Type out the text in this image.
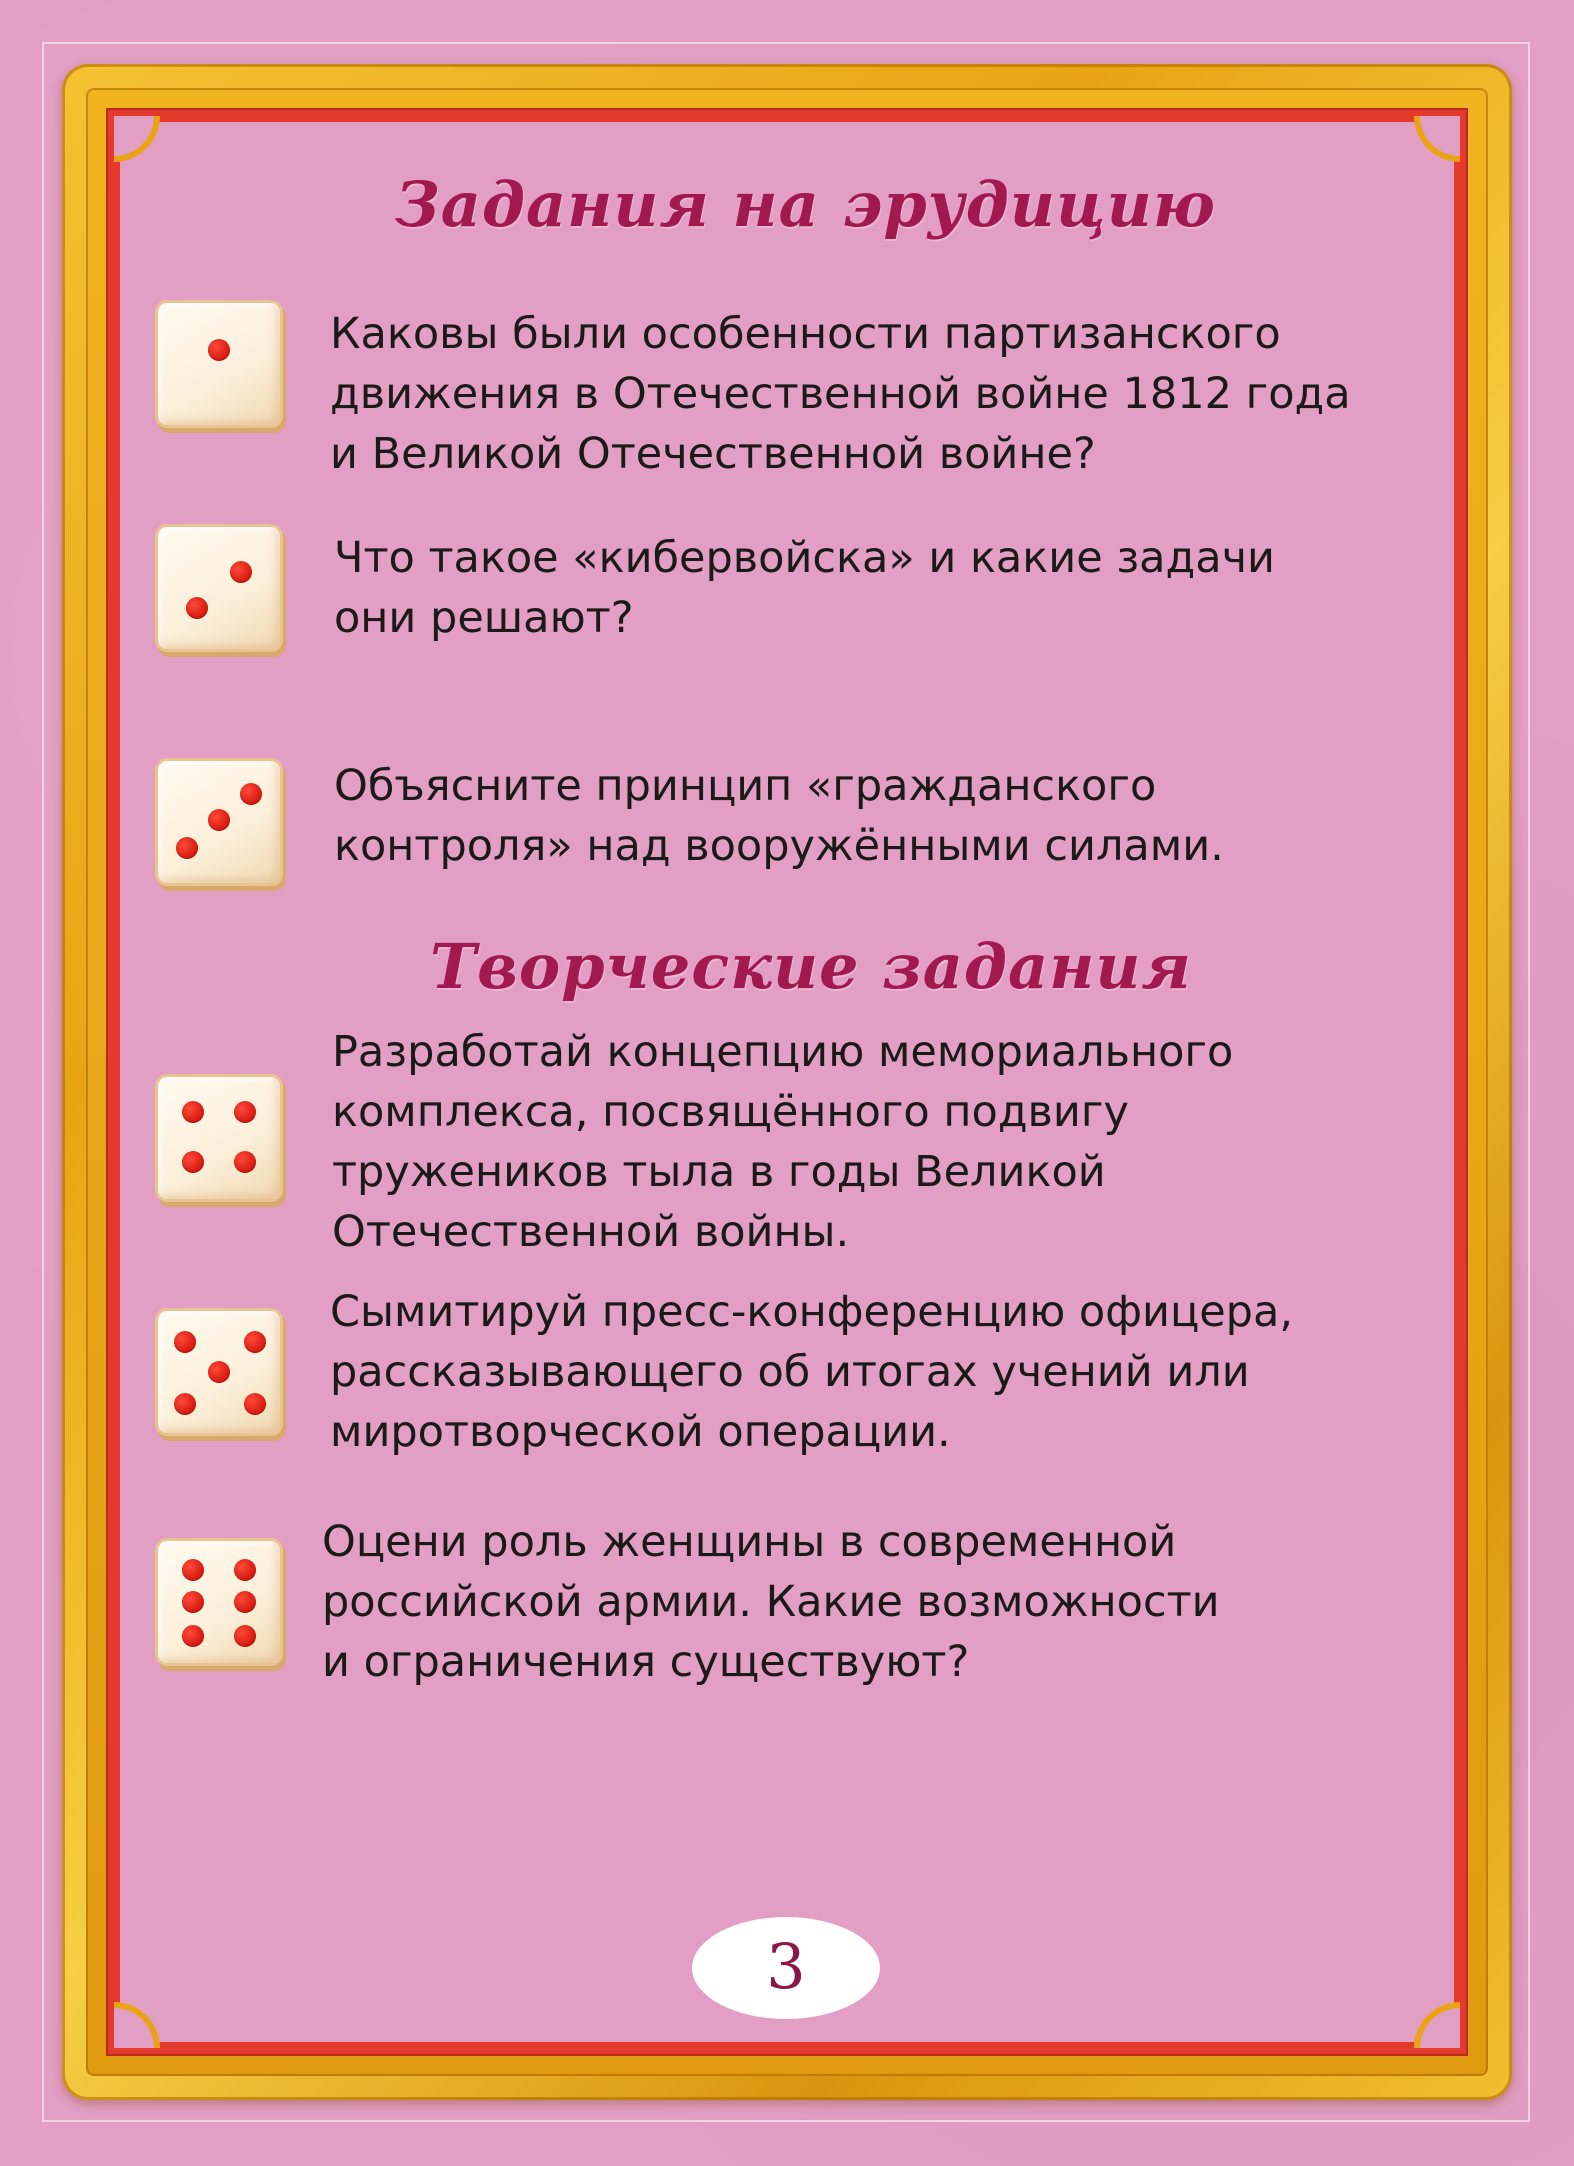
Задания на эрудицию

Каковы были особенности партизанского
движения в Отечественной войне 1812 года
и Великой Отечественной войне?

Что такое «кибервойска» и какие задачи
они решают?

Объясните принцип «гражданского
контроля» над вооружёнными силами.

Творческие задания

Разработай концепцию мемориального
комплекса, посвящённого подвигу
тружеников тыла в годы Великой
Отечественной войны.

Сымитируй пресс-конференцию офицера,
рассказывающего об итогах учений или
миротворческой операции.

Оцени роль женщины в современной
российской армии. Какие возможности
и ограничения существуют?

3
